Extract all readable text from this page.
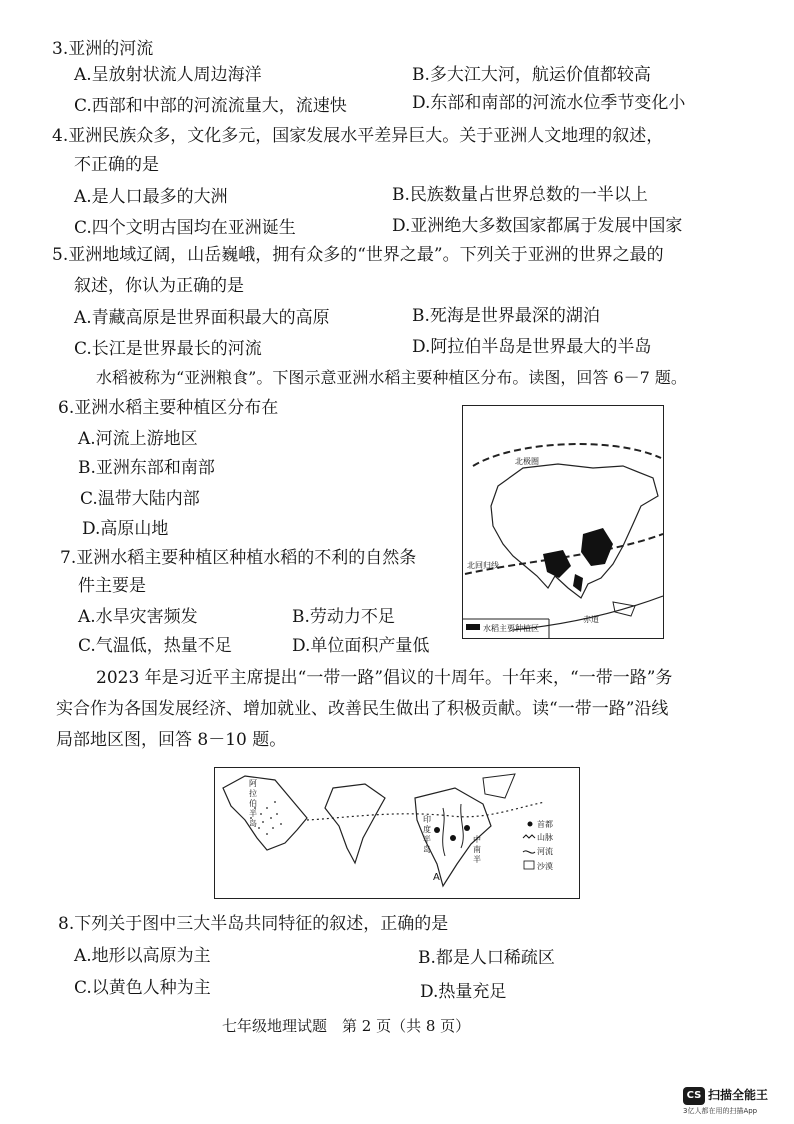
3.亚洲的河流
A.呈放射状流人周边海洋	B.多大江大河，航运价值都较高
C.西部和中部的河流流量大，流速快	D.东部和南部的河流水位季节变化小
4.亚洲民族众多，文化多元，国家发展水平差异巨大。关于亚洲人文地理的叙述，
不正确的是
A.是人口最多的大洲	B.民族数量占世界总数的一半以上
C.四个文明古国均在亚洲诞生	D.亚洲绝大多数国家都属于发展中国家
5.亚洲地域辽阔，山岳巍峨，拥有众多的“世界之最”。下列关于亚洲的世界之最的
叙述，你认为正确的是
A.青藏高原是世界面积最大的高原	B.死海是世界最深的湖泊
C.长江是世界最长的河流	D.阿拉伯半岛是世界最大的半岛
水稻被称为“亚洲粮食”。下图示意亚洲水稻主要种植区分布。读图，回答 6－7 题。
6.亚洲水稻主要种植区分布在
A.河流上游地区
B.亚洲东部和南部
C.温带大陆内部
D.高原山地
7.亚洲水稻主要种植区种植水稻的不利的自然条
件主要是
A.水旱灾害频发	B.劳动力不足
C.气温低，热量不足	D.单位面积产量低
北极圈
北回归线
赤道
水稻主要种植区
2023 年是习近平主席提出“一带一路”倡议的十周年。十年来，“一带一路”务
实合作为各国发展经济、增加就业、改善民生做出了积极贡献。读“一带一路”沿线
局部地区图，回答 8－10 题。
阿
拉
伯
半
岛	印
度
半
岛
中
南
半
A
首都
山脉
河流
沙漠
8.下列关于图中三大半岛共同特征的叙述，正确的是
A.地形以高原为主	B.都是人口稀疏区
C.以黄色人种为主	D.热量充足
七年级地理试题　第 2 页（共 8 页）
CS 扫描全能王
3亿人都在用的扫描App
